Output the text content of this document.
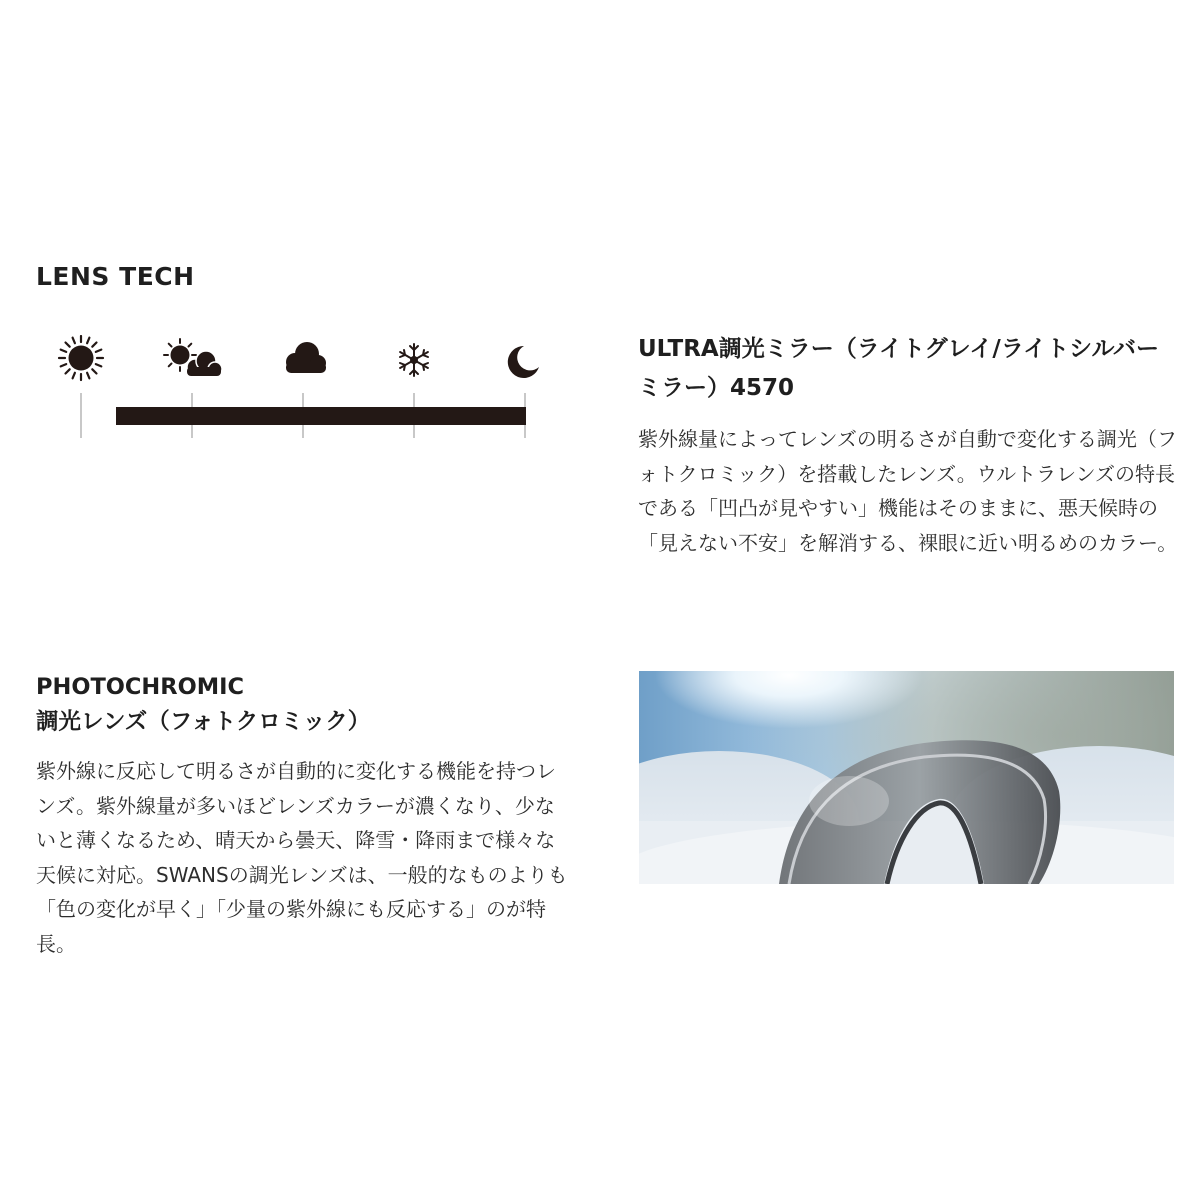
LENS TECH
ULTRA調光ミラー（ライトグレイ/ライトシルバーミラー）4570

紫外線量によってレンズの明るさが自動で変化する調光（フォトクロミック）を搭載したレンズ。ウルトラレンズの特長である「凹凸が見やすい」機能はそのままに、悪天候時の「見えない不安」を解消する、裸眼に近い明るめのカラー。

PHOTOCHROMIC
調光レンズ（フォトクロミック）

紫外線に反応して明るさが自動的に変化する機能を持つレンズ。紫外線量が多いほどレンズカラーが濃くなり、少ないと薄くなるため、晴天から曇天、降雪・降雨まで様々な天候に対応。SWANSの調光レンズは、一般的なものよりも「色の変化が早く」「少量の紫外線にも反応する」のが特長。
